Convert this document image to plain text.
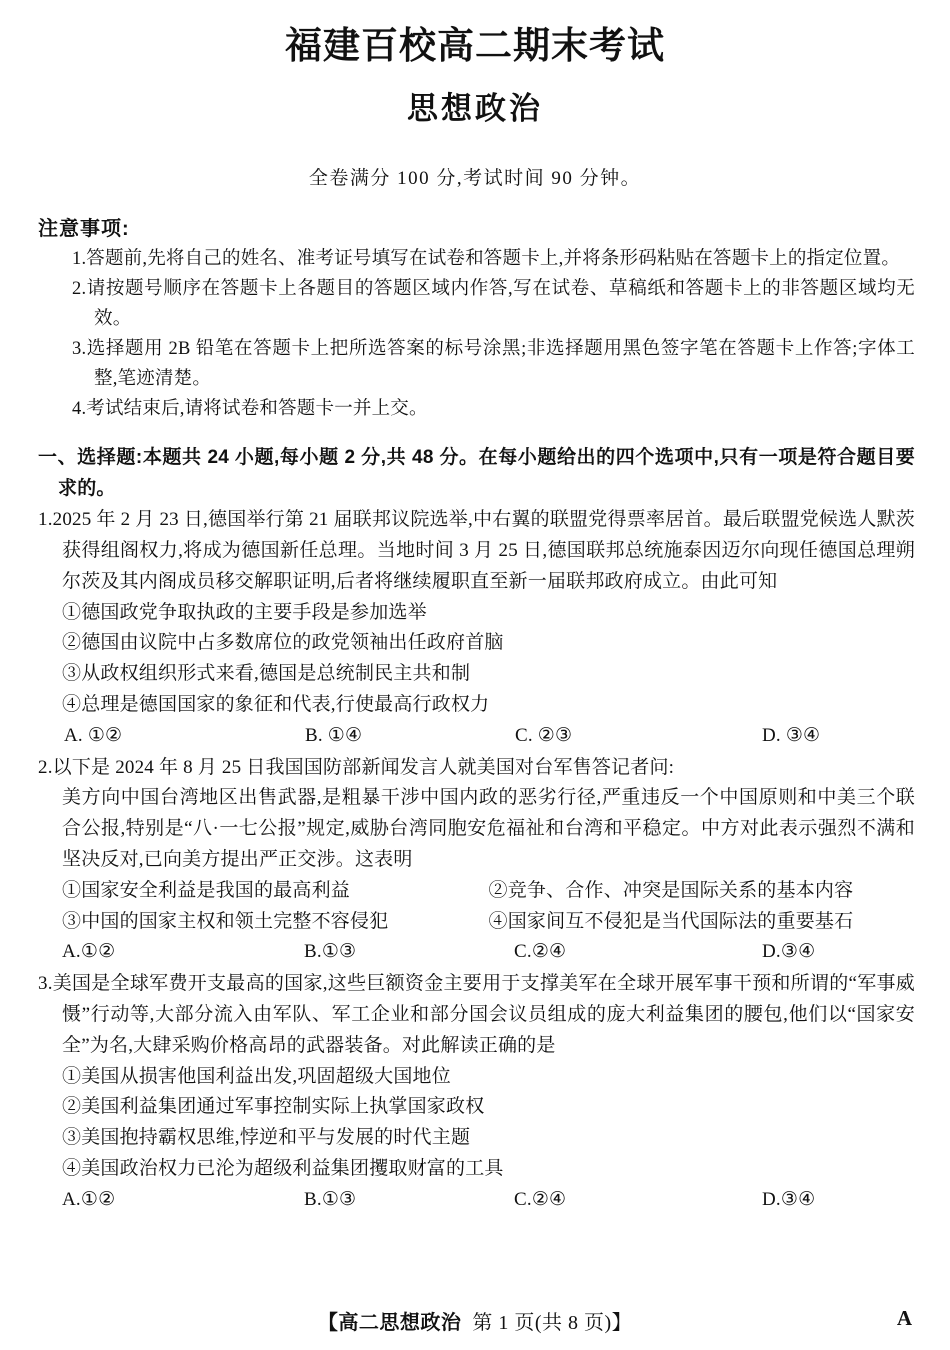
福建百校高二期末考试
思想政治
全卷满分 100 分,考试时间 90 分钟。
注意事项:
1.答题前,先将自己的姓名、准考证号填写在试卷和答题卡上,并将条形码粘贴在答题卡上的指定位置。
2.请按题号顺序在答题卡上各题目的答题区域内作答,写在试卷、草稿纸和答题卡上的非答题区域均无效。
3.选择题用 2B 铅笔在答题卡上把所选答案的标号涂黑;非选择题用黑色签字笔在答题卡上作答;字体工整,笔迹清楚。
4.考试结束后,请将试卷和答题卡一并上交。
一、选择题:本题共 24 小题,每小题 2 分,共 48 分。在每小题给出的四个选项中,只有一项是符合题目要求的。
1.2025 年 2 月 23 日,德国举行第 21 届联邦议院选举,中右翼的联盟党得票率居首。最后联盟党候选人默茨获得组阁权力,将成为德国新任总理。当地时间 3 月 25 日,德国联邦总统施泰因迈尔向现任德国总理朔尔茨及其内阁成员移交解职证明,后者将继续履职直至新一届联邦政府成立。由此可知
①德国政党争取执政的主要手段是参加选举
②德国由议院中占多数席位的政党领袖出任政府首脑
③从政权组织形式来看,德国是总统制民主共和制
④总理是德国国家的象征和代表,行使最高行政权力
A. ①②	B. ①④	C. ②③	D. ③④
2.以下是 2024 年 8 月 25 日我国国防部新闻发言人就美国对台军售答记者问:
美方向中国台湾地区出售武器,是粗暴干涉中国内政的恶劣行径,严重违反一个中国原则和中美三个联合公报,特别是“八·一七公报”规定,威胁台湾同胞安危福祉和台湾和平稳定。中方对此表示强烈不满和坚决反对,已向美方提出严正交涉。这表明
①国家安全利益是我国的最高利益	②竞争、合作、冲突是国际关系的基本内容
③中国的国家主权和领土完整不容侵犯	④国家间互不侵犯是当代国际法的重要基石
A.①②	B.①③	C.②④	D.③④
3.美国是全球军费开支最高的国家,这些巨额资金主要用于支撑美军在全球开展军事干预和所谓的“军事威慑”行动等,大部分流入由军队、军工企业和部分国会议员组成的庞大利益集团的腰包,他们以“国家安全”为名,大肆采购价格高昂的武器装备。对此解读正确的是
①美国从损害他国利益出发,巩固超级大国地位
②美国利益集团通过军事控制实际上执掌国家政权
③美国抱持霸权思维,悖逆和平与发展的时代主题
④美国政治权力已沦为超级利益集团攫取财富的工具
A.①②	B.①③	C.②④	D.③④
【高二思想政治 第 1 页(共 8 页)】	A
